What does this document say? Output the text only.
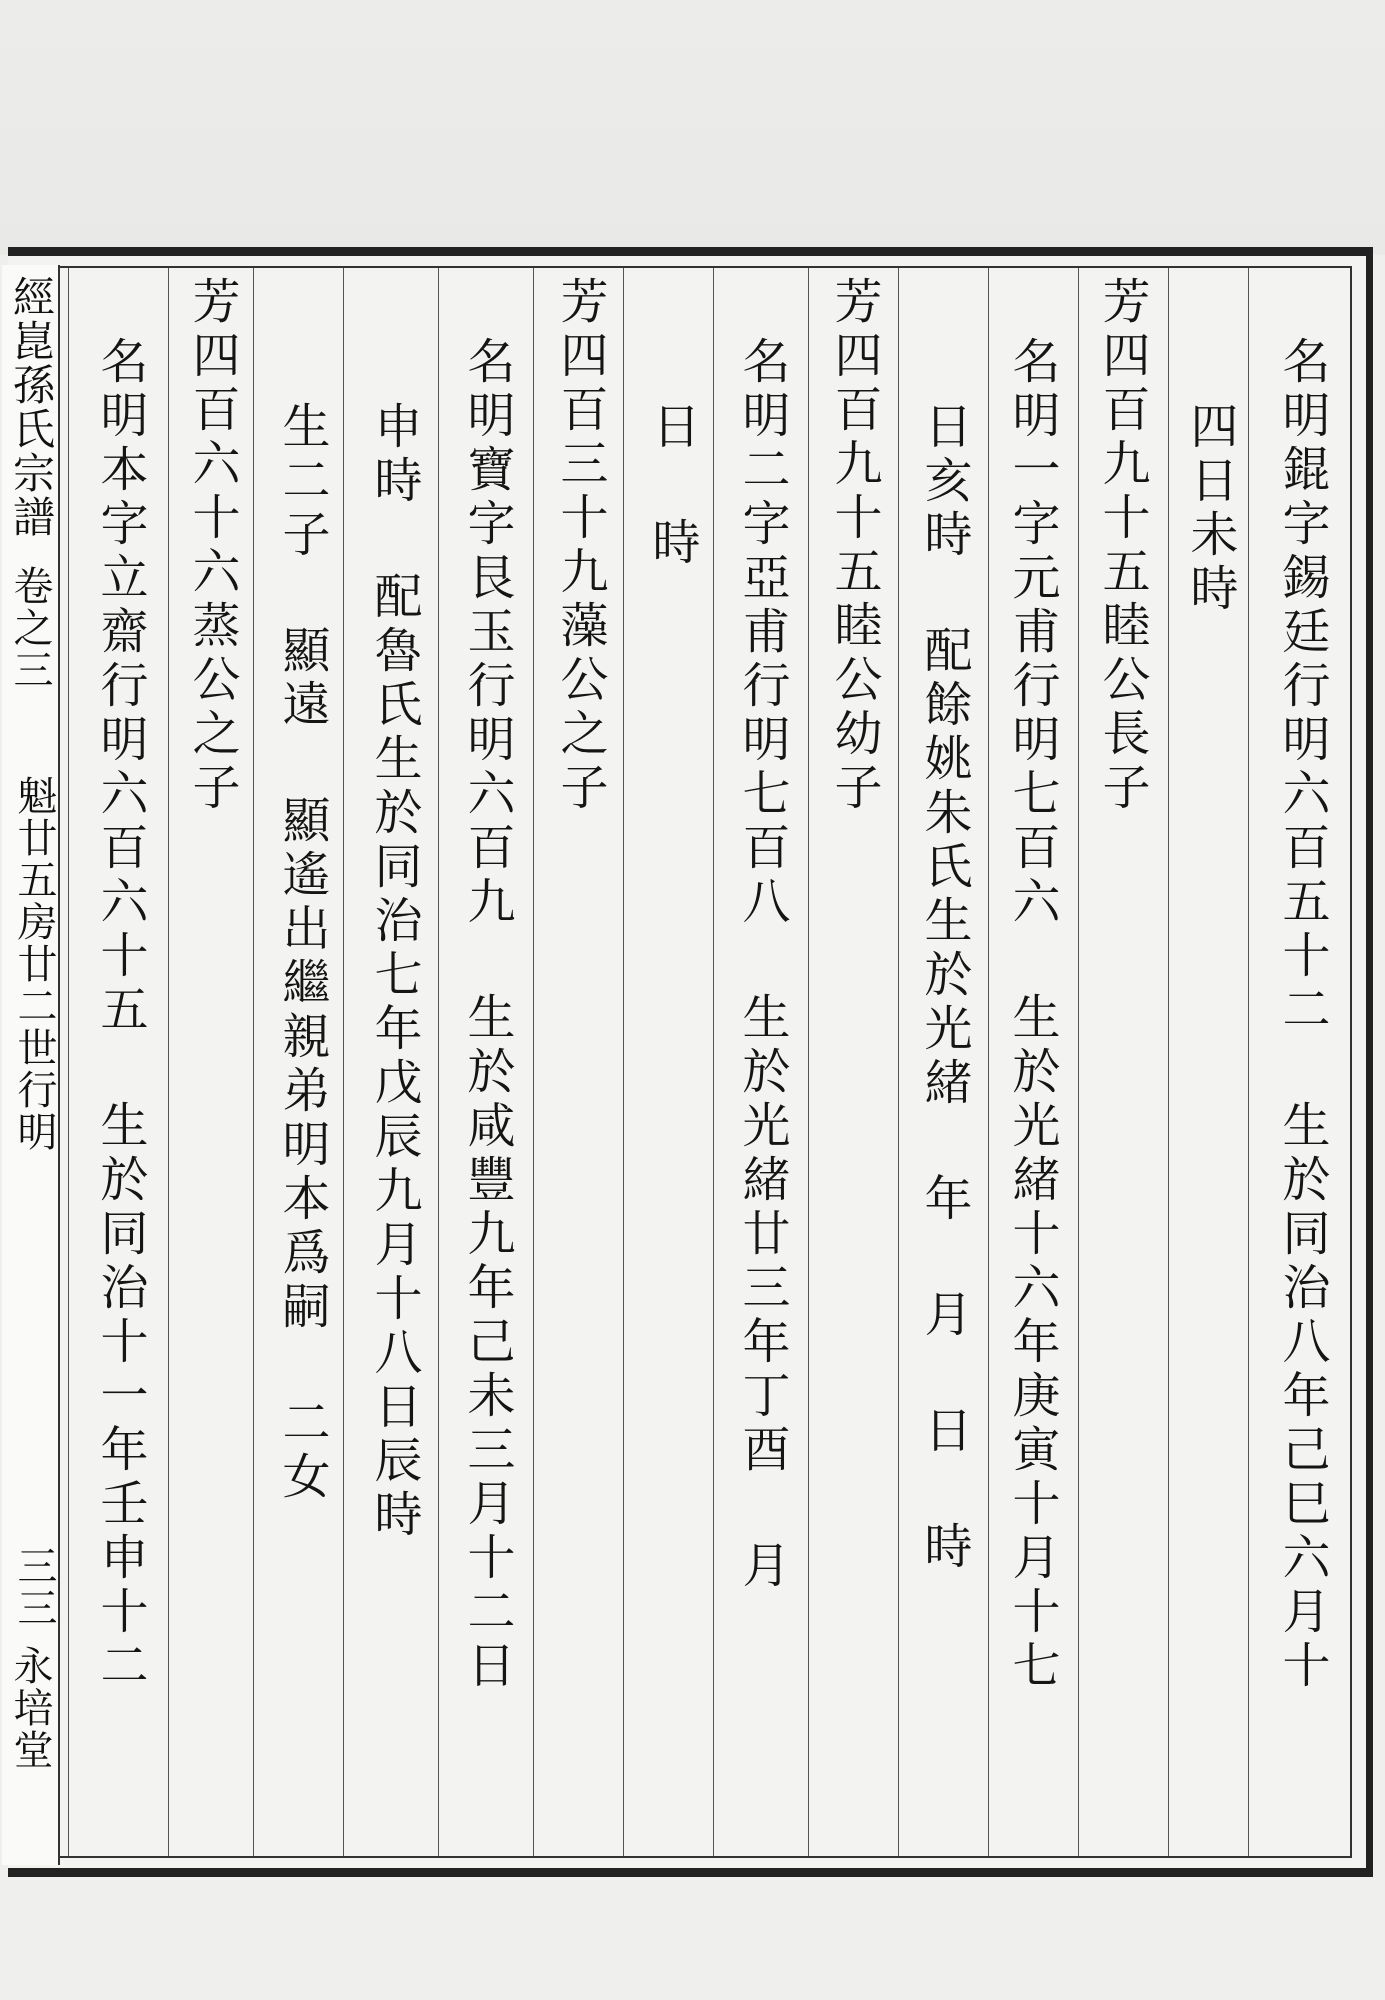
名明錕字錫廷行明六百五十二 生於同治八年己巳六月十
四日未時
芳四百九十五睦公長子
名明一字元甫行明七百六 生於光緒十六年庚寅十月十七
日亥時 配餘姚朱氏生於光緒 年 月 日 時
芳四百九十五睦公幼子
名明二字亞甫行明七百八 生於光緒廿三年丁酉 月
日 時
芳四百三十九藻公之子
名明寶字艮玉行明六百九 生於咸豐九年己未三月十二日
申時 配魯氏生於同治七年戊辰九月十八日辰時
生二子 顯遠 顯遙出繼親弟明本爲嗣 二女
芳四百六十六蒸公之子
名明本字立齋行明六百六十五 生於同治十一年壬申十二
經崑孫氏宗譜
卷之三
魁廿五房廿二世行明
三三
永培堂
